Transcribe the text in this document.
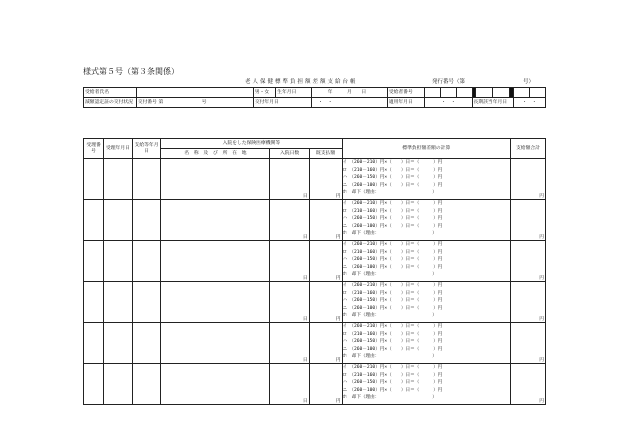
様式第５号（第３条関係）
老人保健標準負担額差額支給台帳	発行番号（第	号）
受給者氏名		男・女	生年月日	　　　年　　　 月　　 日	受給者番号									
減額認定証の交付状況	交付番号 第　　　　　　　　 号	交付年月日	　	・　・	適用年月日	・　・			長期該当年月日				・　・	
受理番号	受理年月日	支給等年月日	入院をした保険医療機関等			標準負担額差額の計算	支給額合計
			名　称　及　び　所　在　地	入院日数	既支払額		
				日	円	イ　（260－210）円×（　　）日＝（　　　）円
ロ　（210－160）円×（　　）日＝（　　　）円
ハ　（260－150）円×（　　）日＝（　　　）円
ニ　（260－100）円×（　　）日＝（　　　）円
ホ　却下（理由：　　　　　　　　　　　　）	円
				日	円	イ　（260－210）円×（　　）日＝（　　　）円
ロ　（210－160）円×（　　）日＝（　　　）円
ハ　（260－150）円×（　　）日＝（　　　）円
ニ　（260－100）円×（　　）日＝（　　　）円
ホ　却下（理由：　　　　　　　　　　　　）	円
				日	円	イ　（260－210）円×（　　）日＝（　　　）円
ロ　（210－160）円×（　　）日＝（　　　）円
ハ　（260－150）円×（　　）日＝（　　　）円
ニ　（260－100）円×（　　）日＝（　　　）円
ホ　却下（理由：　　　　　　　　　　　　）	円
				日	円	イ　（260－210）円×（　　）日＝（　　　）円
ロ　（210－160）円×（　　）日＝（　　　）円
ハ　（260－150）円×（　　）日＝（　　　）円
ニ　（260－100）円×（　　）日＝（　　　）円
ホ　却下（理由：　　　　　　　　　　　　）	円
				日	円	イ　（260－210）円×（　　）日＝（　　　）円
ロ　（210－160）円×（　　）日＝（　　　）円
ハ　（260－150）円×（　　）日＝（　　　）円
ニ　（260－100）円×（　　）日＝（　　　）円
ホ　却下（理由：　　　　　　　　　　　　）	円
				日	円	イ　（260－210）円×（　　）日＝（　　　）円
ロ　（210－160）円×（　　）日＝（　　　）円
ハ　（260－150）円×（　　）日＝（　　　）円
ニ　（260－100）円×（　　）日＝（　　　）円
ホ　却下（理由：　　　　　　　　　　　　）	円
